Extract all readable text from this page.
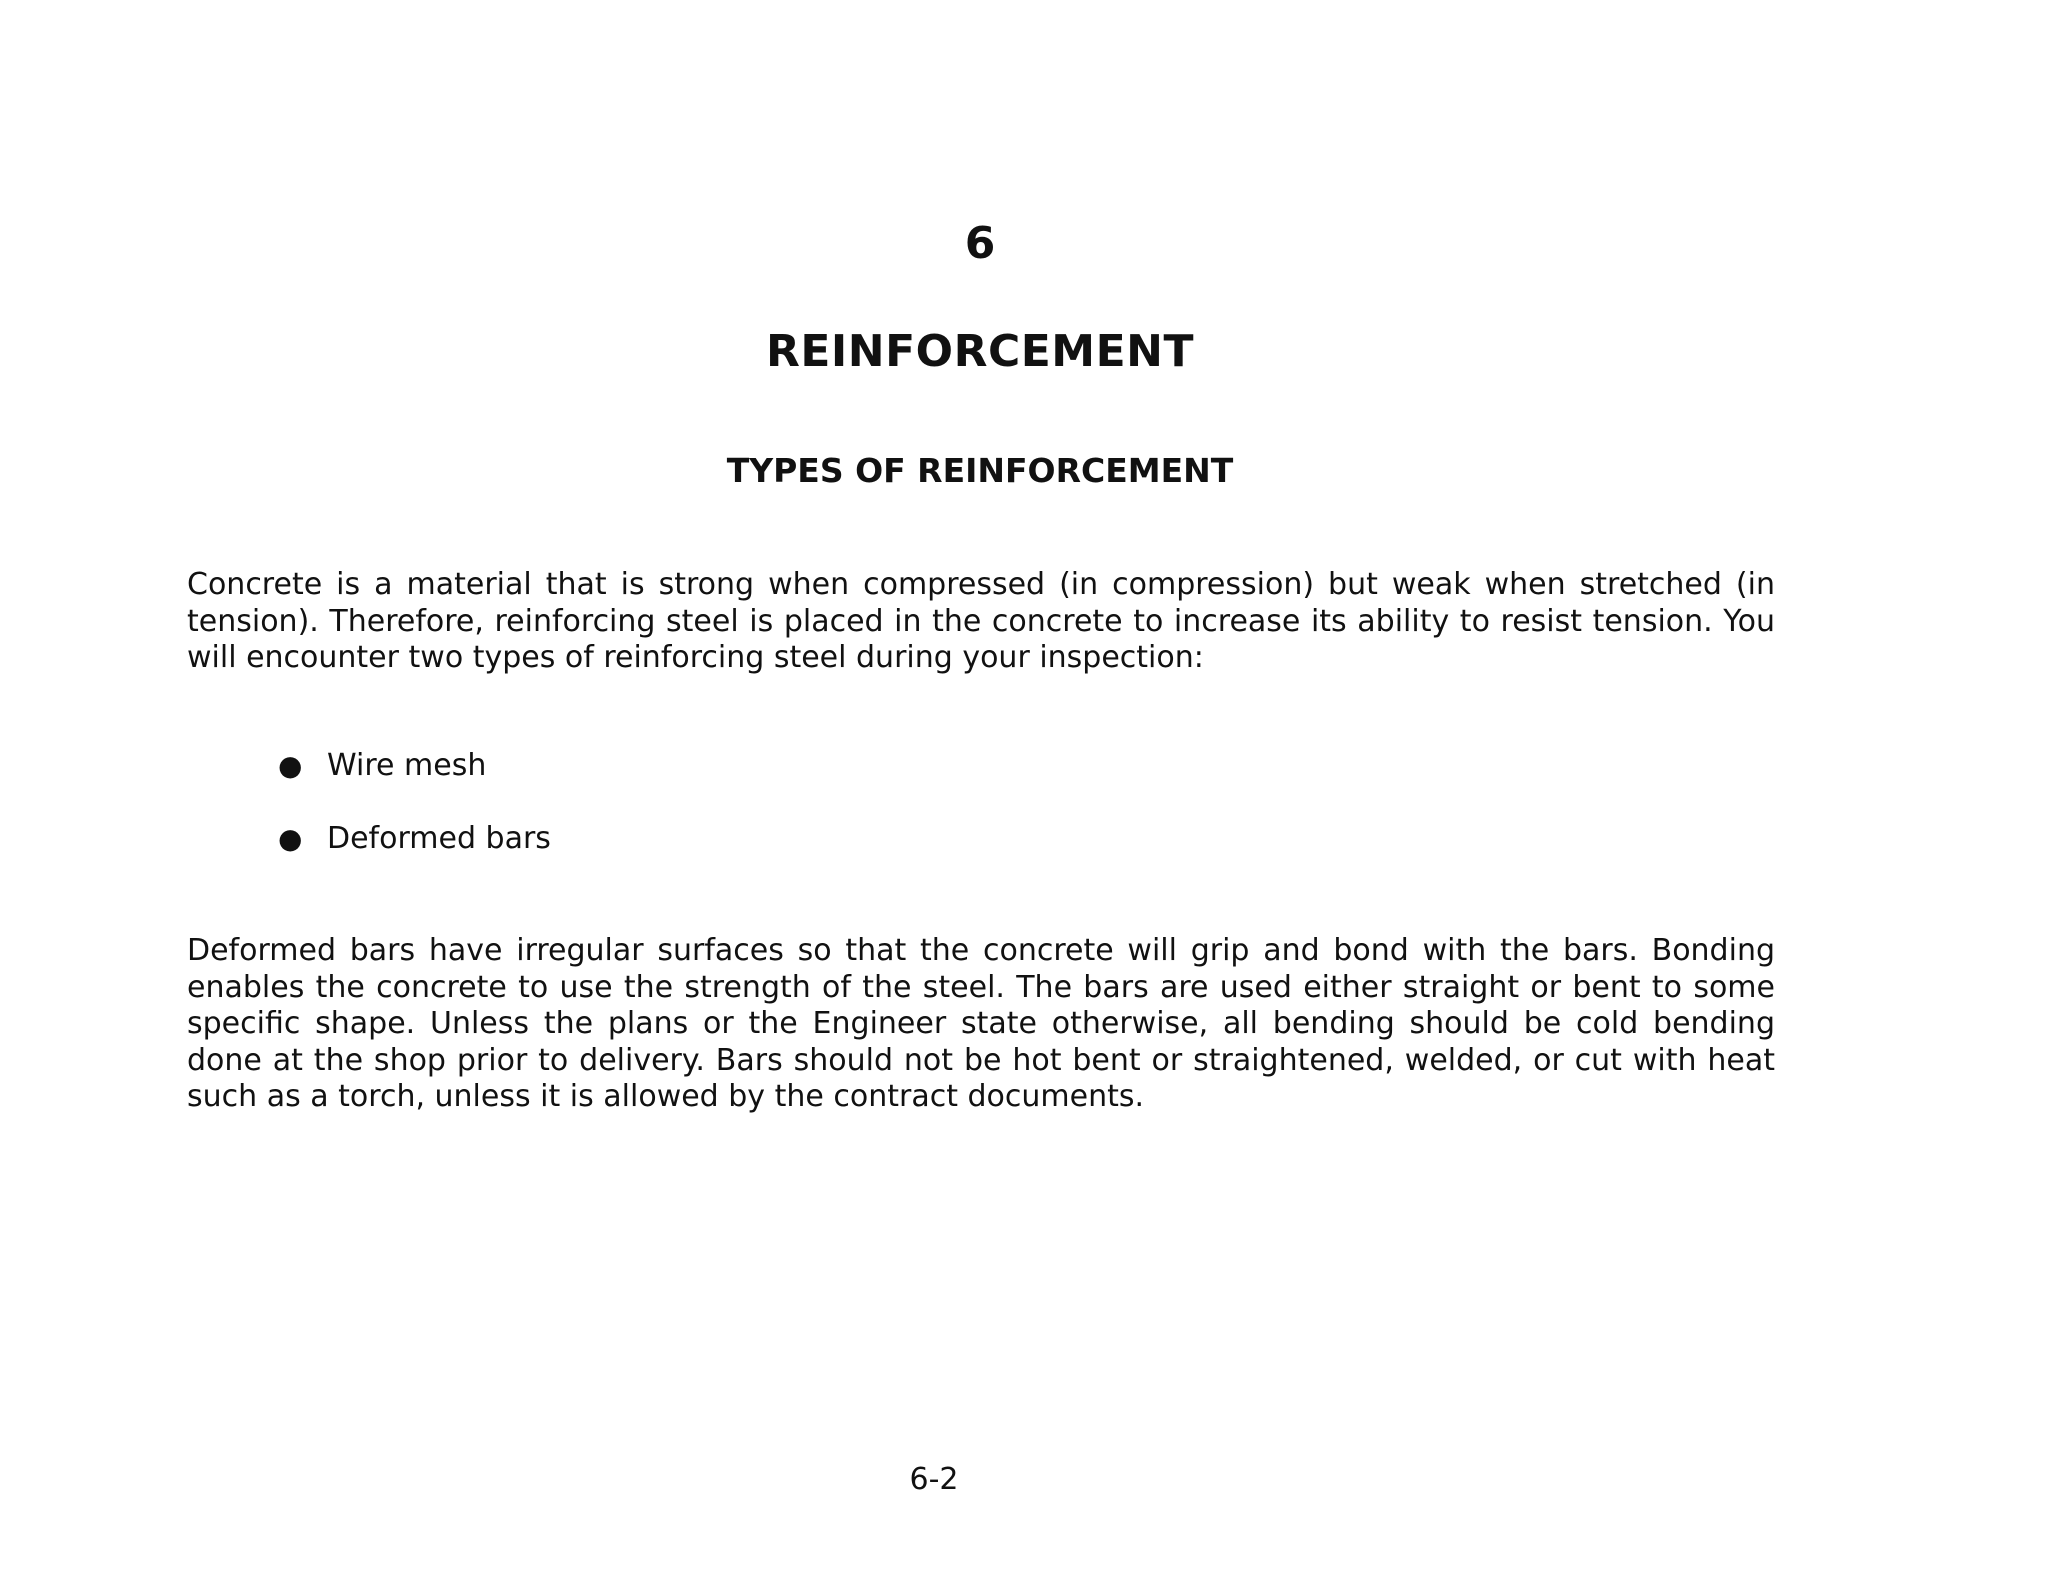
6
REINFORCEMENT
TYPES OF REINFORCEMENT

Concrete is a material that is strong when compressed (in compression) but weak when stretched (in tension). Therefore, reinforcing steel is placed in the concrete to increase its ability to resist tension. You will encounter two types of reinforcing steel during your inspection:

● Wire mesh
● Deformed bars

Deformed bars have irregular surfaces so that the concrete will grip and bond with the bars. Bonding enables the concrete to use the strength of the steel. The bars are used either straight or bent to some specific shape. Unless the plans or the Engineer state otherwise, all bending should be cold bending done at the shop prior to delivery. Bars should not be hot bent or straightened, welded, or cut with heat such as a torch, unless it is allowed by the contract documents.

6-2
